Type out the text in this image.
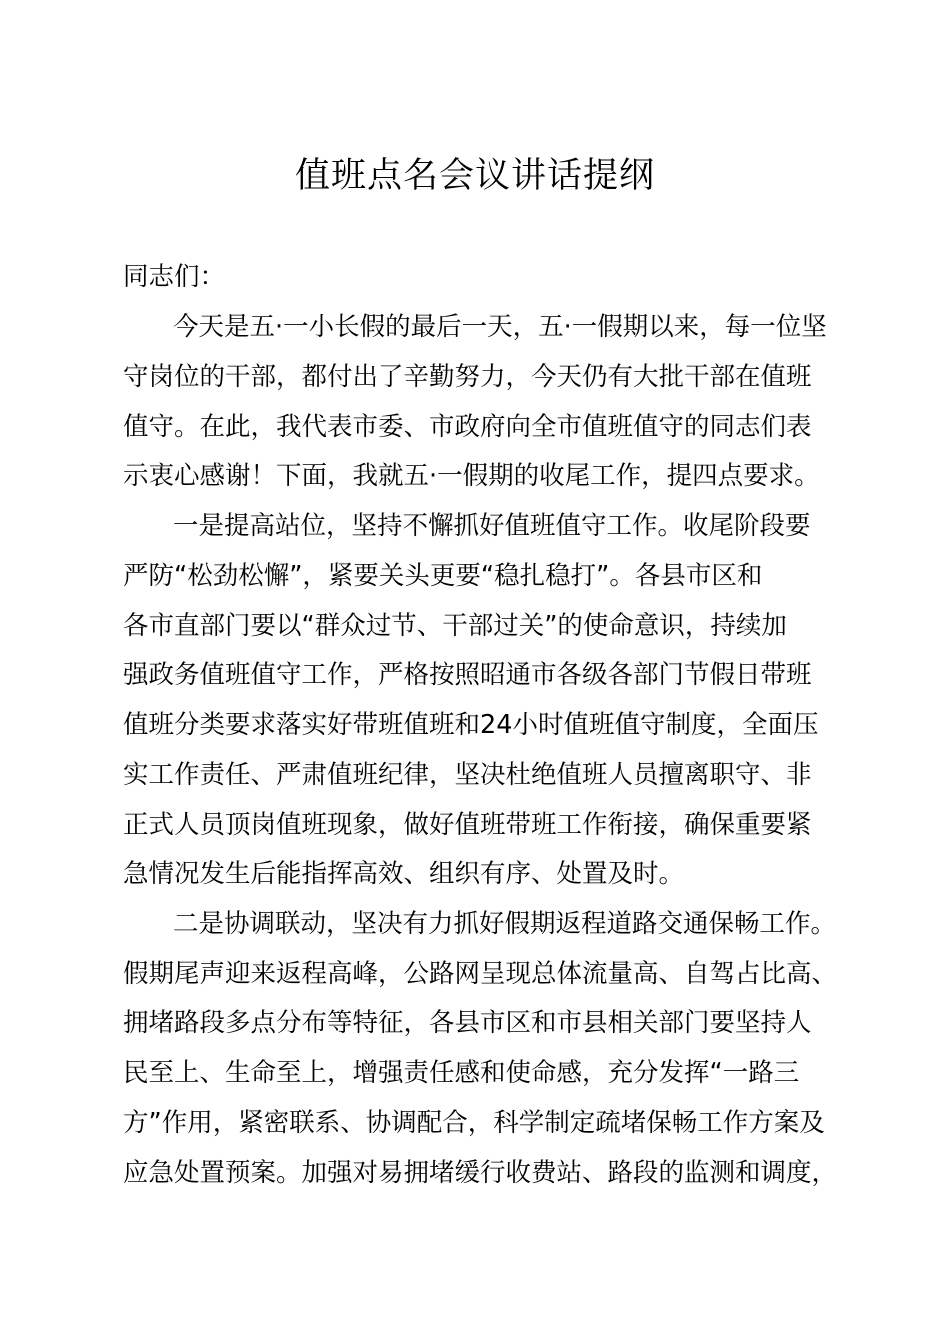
值班点名会议讲话提纲

同志们：

今天是五·一小长假的最后一天，五·一假期以来，每一位坚

守岗位的干部，都付出了辛勤努力，今天仍有大批干部在值班

值守。在此，我代表市委、市政府向全市值班值守的同志们表

示衷心感谢！下面，我就五·一假期的收尾工作，提四点要求。

一是提高站位，坚持不懈抓好值班值守工作。收尾阶段要

严防“松劲松懈”，紧要关头更要“稳扎稳打”。各县市区和

各市直部门要以“群众过节、干部过关”的使命意识，持续加

强政务值班值守工作，严格按照昭通市各级各部门节假日带班

值班分类要求落实好带班值班和24小时值班值守制度，全面压

实工作责任、严肃值班纪律，坚决杜绝值班人员擅离职守、非

正式人员顶岗值班现象，做好值班带班工作衔接，确保重要紧

急情况发生后能指挥高效、组织有序、处置及时。

二是协调联动，坚决有力抓好假期返程道路交通保畅工作。

假期尾声迎来返程高峰，公路网呈现总体流量高、自驾占比高、

拥堵路段多点分布等特征，各县市区和市县相关部门要坚持人

民至上、生命至上，增强责任感和使命感，充分发挥“一路三

方”作用，紧密联系、协调配合，科学制定疏堵保畅工作方案及

应急处置预案。加强对易拥堵缓行收费站、路段的监测和调度，
